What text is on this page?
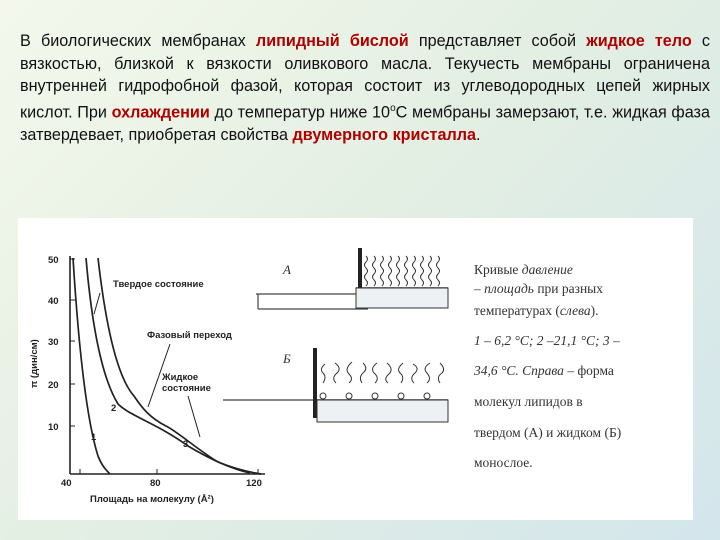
В биологических мембранах липидный бислой представляет собой жидкое тело с вязкостью, близкой к вязкости оливкового масла. Текучесть мембраны ограничена внутренней гидрофобной фазой, которая состоит из углеводородных цепей жирных кислот. При охлаждении до температур ниже $10^оС$ мембраны замерзают, т.е. жидкая фаза затвердевает, приобретая свойства двумерного кристалла.
50
40
30
20
10
π (дин/см)
40	80	120
Площадь на молекулу (Å²)
Твердое состояние
Фазовый переход
Жидкое
состояние
2
1
3
А
Б
Кривые давление
– площадь при разных
температурах (слева).
1 – 6,2 °C; 2 –21,1 °C; 3 –
34,6 °C. Справа – форма
молекул липидов в
твердом (А) и жидком (Б)
монослое.
